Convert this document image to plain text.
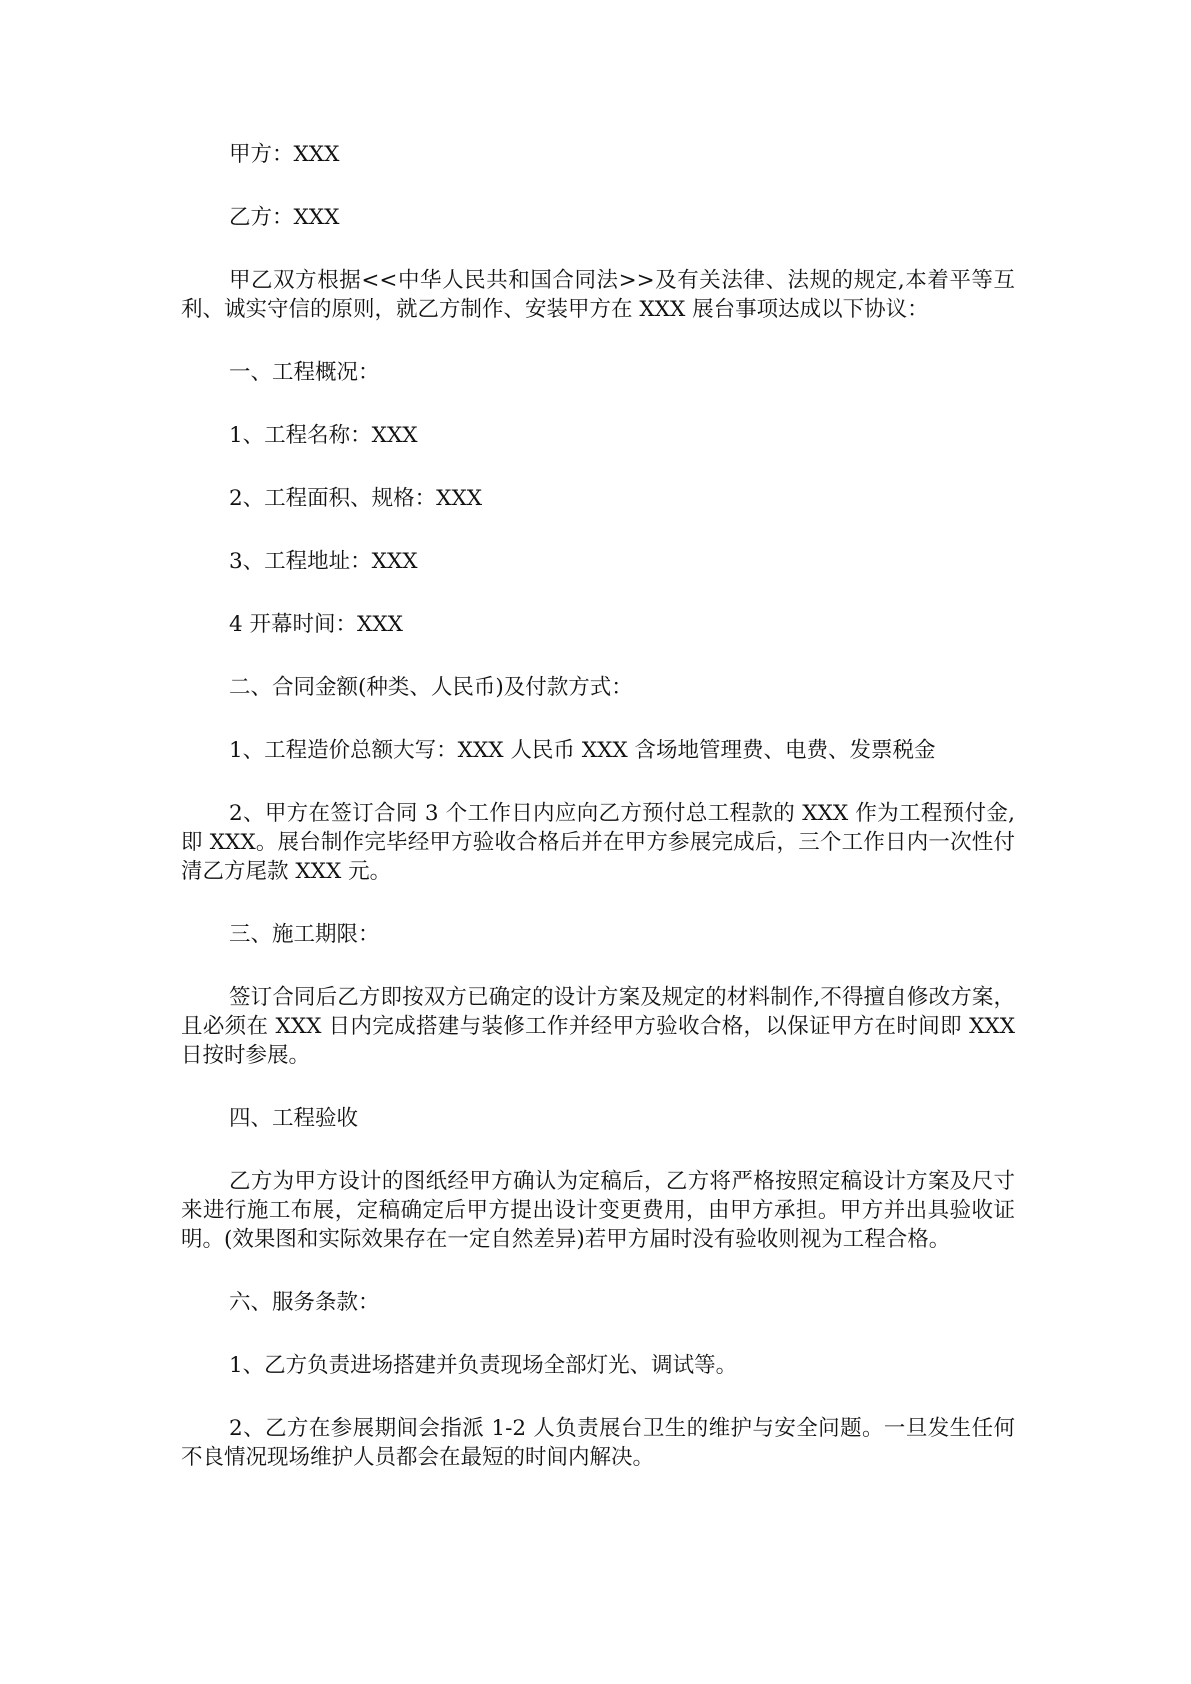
甲方：XXX

乙方：XXX

甲乙双方根据<<中华人民共和国合同法>>及有关法律、法规的规定,本着平等互利、诚实守信的原则，就乙方制作、安装甲方在 XXX 展台事项达成以下协议：

一、工程概况：

1、工程名称：XXX

2、工程面积、规格：XXX

3、工程地址：XXX

4 开幕时间：XXX

二、合同金额(种类、人民币)及付款方式：

1、工程造价总额大写：XXX 人民币 XXX 含场地管理费、电费、发票税金

2、甲方在签订合同 3 个工作日内应向乙方预付总工程款的 XXX 作为工程预付金,即 XXX。展台制作完毕经甲方验收合格后并在甲方参展完成后，三个工作日内一次性付清乙方尾款 XXX 元。

三、施工期限：

签订合同后乙方即按双方已确定的设计方案及规定的材料制作,不得擅自修改方案，且必须在 XXX 日内完成搭建与装修工作并经甲方验收合格，以保证甲方在时间即 XXX 日按时参展。

四、工程验收

乙方为甲方设计的图纸经甲方确认为定稿后，乙方将严格按照定稿设计方案及尺寸来进行施工布展，定稿确定后甲方提出设计变更费用，由甲方承担。甲方并出具验收证明。(效果图和实际效果存在一定自然差异)若甲方届时没有验收则视为工程合格。

六、服务条款：

1、乙方负责进场搭建并负责现场全部灯光、调试等。

2、乙方在参展期间会指派 1-2 人负责展台卫生的维护与安全问题。一旦发生任何不良情况现场维护人员都会在最短的时间内解决。
